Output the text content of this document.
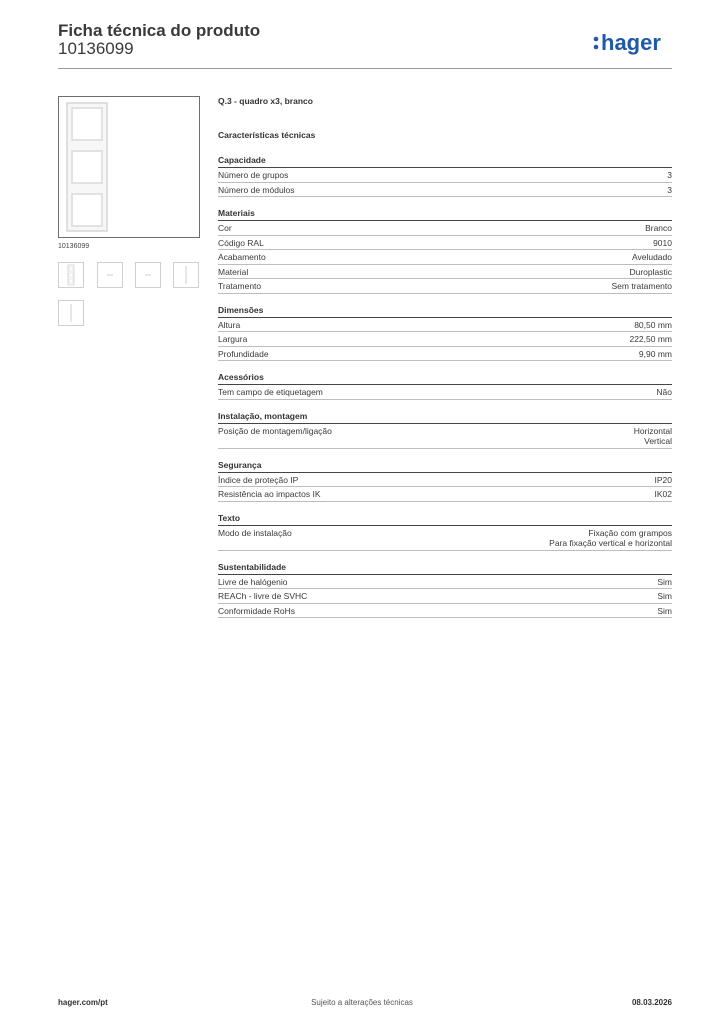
Ficha técnica do produto
10136099	hager
10136099
Q.3 - quadro x3, branco
Características técnicas
Capacidade
Número de grupos	3
Número de módulos	3
Materiais
Cor	Branco
Código RAL	9010
Acabamento	Aveludado
Material	Duroplastic
Tratamento	Sem tratamento
Dimensões
Altura	80,50 mm
Largura	222,50 mm
Profundidade	9,90 mm
Acessórios
Tem campo de etiquetagem	Não
Instalação, montagem
Posição de montagem/ligação	Horizontal
Vertical
Segurança
Índice de proteção IP	IP20
Resistência ao impactos IK	IK02
Texto
Modo de instalação	Fixação com grampos
Para fixação vertical e horizontal
Sustentabilidade
Livre de halógenio	Sim
REACh - livre de SVHC	Sim
Conformidade RoHs	Sim
hager.com/pt	Sujeito a alterações técnicas	08.03.2026
